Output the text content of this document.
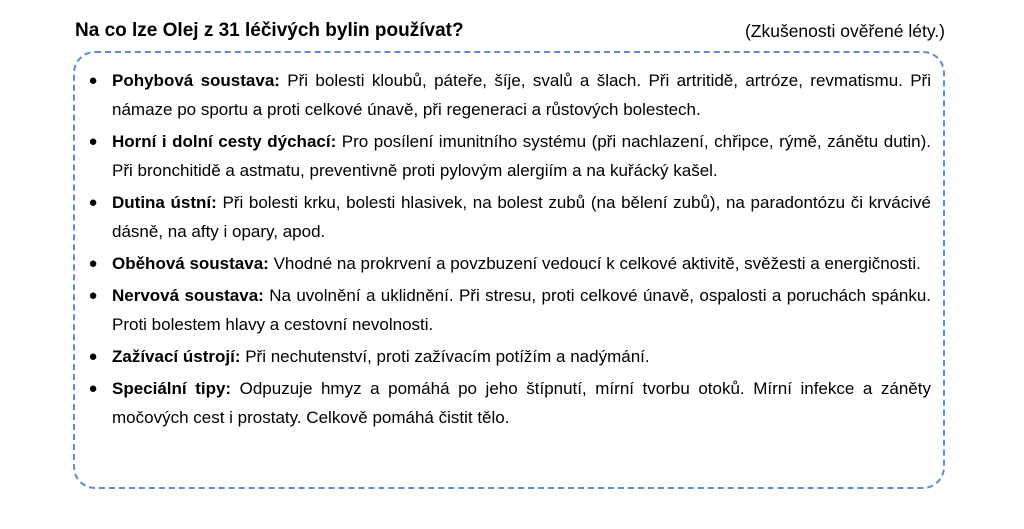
Na co lze Olej z 31 léčivých bylin používat?	(Zkušenosti ověřené léty.)
● Pohybová soustava: Při bolesti kloubů, páteře, šíje, svalů a šlach. Při artritidě, artróze, revmatismu. Při námaze po sportu a proti celkové únavě, při regeneraci a růstových bolestech.
● Horní i dolní cesty dýchací: Pro posílení imunitního systému (při nachlazení, chřipce, rýmě, zánětu dutin). Při bronchitidě a astmatu, preventivně proti pylovým alergiím a na kuřácký kašel.
● Dutina ústní: Při bolesti krku, bolesti hlasivek, na bolest zubů (na bělení zubů), na paradontózu či krvácivé dásně, na afty i opary, apod.
● Oběhová soustava: Vhodné na prokrvení a povzbuzení vedoucí k celkové aktivitě, svěžesti a energičnosti.
● Nervová soustava: Na uvolnění a uklidnění. Při stresu, proti celkové únavě, ospalosti a poruchách spánku. Proti bolestem hlavy a cestovní nevolnosti.
● Zažívací ústrojí: Při nechutenství, proti zažívacím potížím a nadýmání.
● Speciální tipy: Odpuzuje hmyz a pomáhá po jeho štípnutí, mírní tvorbu otoků. Mírní infekce a záněty močových cest i prostaty. Celkově pomáhá čistit tělo.
